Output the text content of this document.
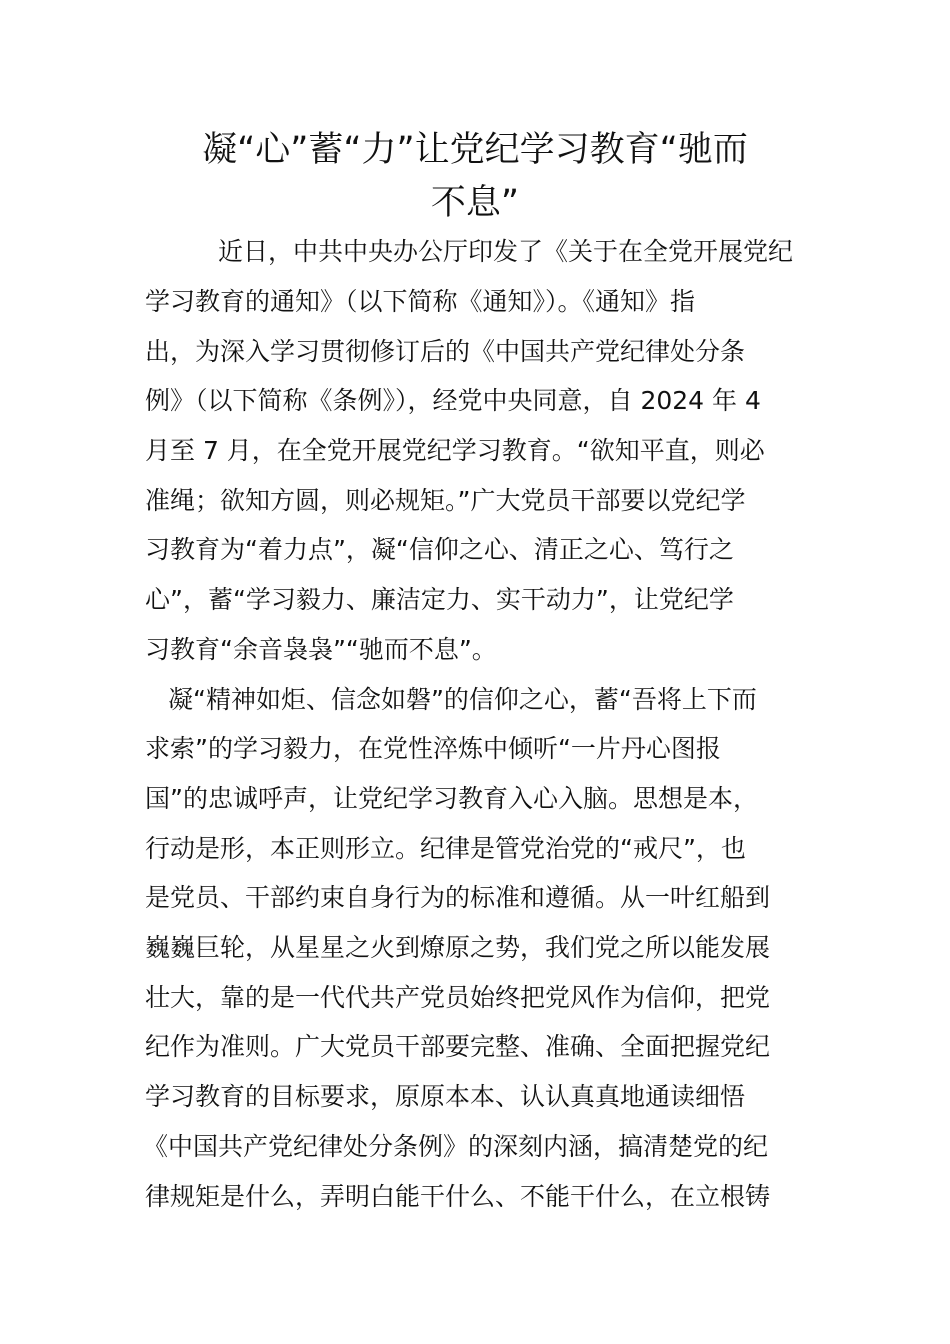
凝“心”蓄“力”让党纪学习教育“驰而
不息”
近日，中共中央办公厅印发了《关于在全党开展党纪
学习教育的通知》（以下简称《通知》）。《通知》指
出，为深入学习贯彻修订后的《中国共产党纪律处分条
例》（以下简称《条例》），经党中央同意，自 2024 年 4
月至 7 月，在全党开展党纪学习教育。“欲知平直，则必
准绳；欲知方圆，则必规矩。”广大党员干部要以党纪学
习教育为“着力点”，凝“信仰之心、清正之心、笃行之
心”，蓄“学习毅力、廉洁定力、实干动力”，让党纪学
习教育“余音袅袅”“驰而不息”。
凝“精神如炬、信念如磐”的信仰之心，蓄“吾将上下而
求索”的学习毅力，在党性淬炼中倾听“一片丹心图报
国”的忠诚呼声，让党纪学习教育入心入脑。思想是本，
行动是形，本正则形立。纪律是管党治党的“戒尺”，也
是党员、干部约束自身行为的标准和遵循。从一叶红船到
巍巍巨轮，从星星之火到燎原之势，我们党之所以能发展
壮大，靠的是一代代共产党员始终把党风作为信仰，把党
纪作为准则。广大党员干部要完整、准确、全面把握党纪
学习教育的目标要求，原原本本、认认真真地通读细悟
《中国共产党纪律处分条例》的深刻内涵，搞清楚党的纪
律规矩是什么，弄明白能干什么、不能干什么，在立根铸
